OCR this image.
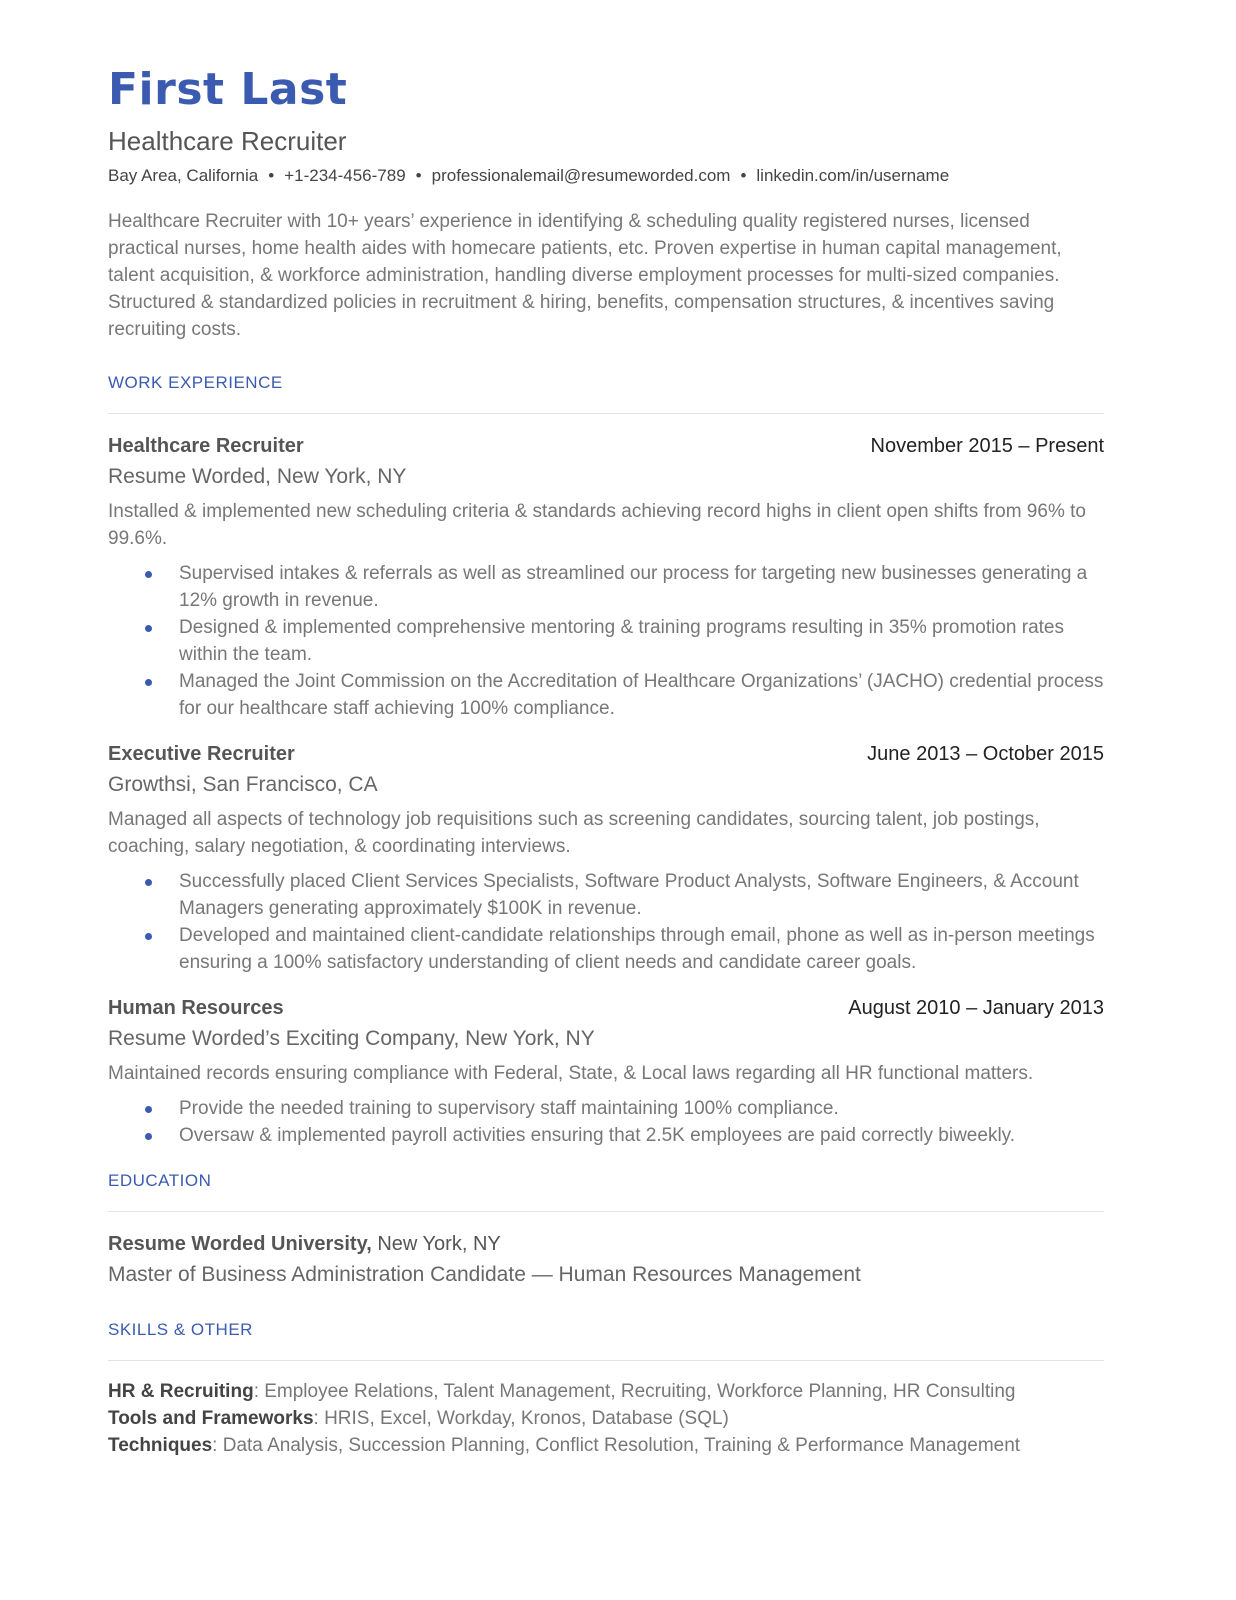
First Last
Healthcare Recruiter
Bay Area, California • +1-234-456-789 • professionalemail@resumeworded.com • linkedin.com/in/username
Healthcare Recruiter with 10+ years’ experience in identifying & scheduling quality registered nurses, licensed practical nurses, home health aides with homecare patients, etc. Proven expertise in human capital management, talent acquisition, & workforce administration, handling diverse employment processes for multi-sized companies. Structured & standardized policies in recruitment & hiring, benefits, compensation structures, & incentives saving recruiting costs.
WORK EXPERIENCE
Healthcare Recruiter	November 2015 – Present
Resume Worded, New York, NY
Installed & implemented new scheduling criteria & standards achieving record highs in client open shifts from 96% to 99.6%.
Supervised intakes & referrals as well as streamlined our process for targeting new businesses generating a 12% growth in revenue.
Designed & implemented comprehensive mentoring & training programs resulting in 35% promotion rates within the team.
Managed the Joint Commission on the Accreditation of Healthcare Organizations’ (JACHO) credential process for our healthcare staff achieving 100% compliance.
Executive Recruiter	June 2013 – October 2015
Growthsi, San Francisco, CA
Managed all aspects of technology job requisitions such as screening candidates, sourcing talent, job postings, coaching, salary negotiation, & coordinating interviews.
Successfully placed Client Services Specialists, Software Product Analysts, Software Engineers, & Account Managers generating approximately $100K in revenue.
Developed and maintained client-candidate relationships through email, phone as well as in-person meetings ensuring a 100% satisfactory understanding of client needs and candidate career goals.
Human Resources	August 2010 – January 2013
Resume Worded’s Exciting Company, New York, NY
Maintained records ensuring compliance with Federal, State, & Local laws regarding all HR functional matters.
Provide the needed training to supervisory staff maintaining 100% compliance.
Oversaw & implemented payroll activities ensuring that 2.5K employees are paid correctly biweekly.
EDUCATION
Resume Worded University, New York, NY
Master of Business Administration Candidate — Human Resources Management
SKILLS & OTHER
HR & Recruiting: Employee Relations, Talent Management, Recruiting, Workforce Planning, HR Consulting
Tools and Frameworks: HRIS, Excel, Workday, Kronos, Database (SQL)
Techniques: Data Analysis, Succession Planning, Conflict Resolution, Training & Performance Management
